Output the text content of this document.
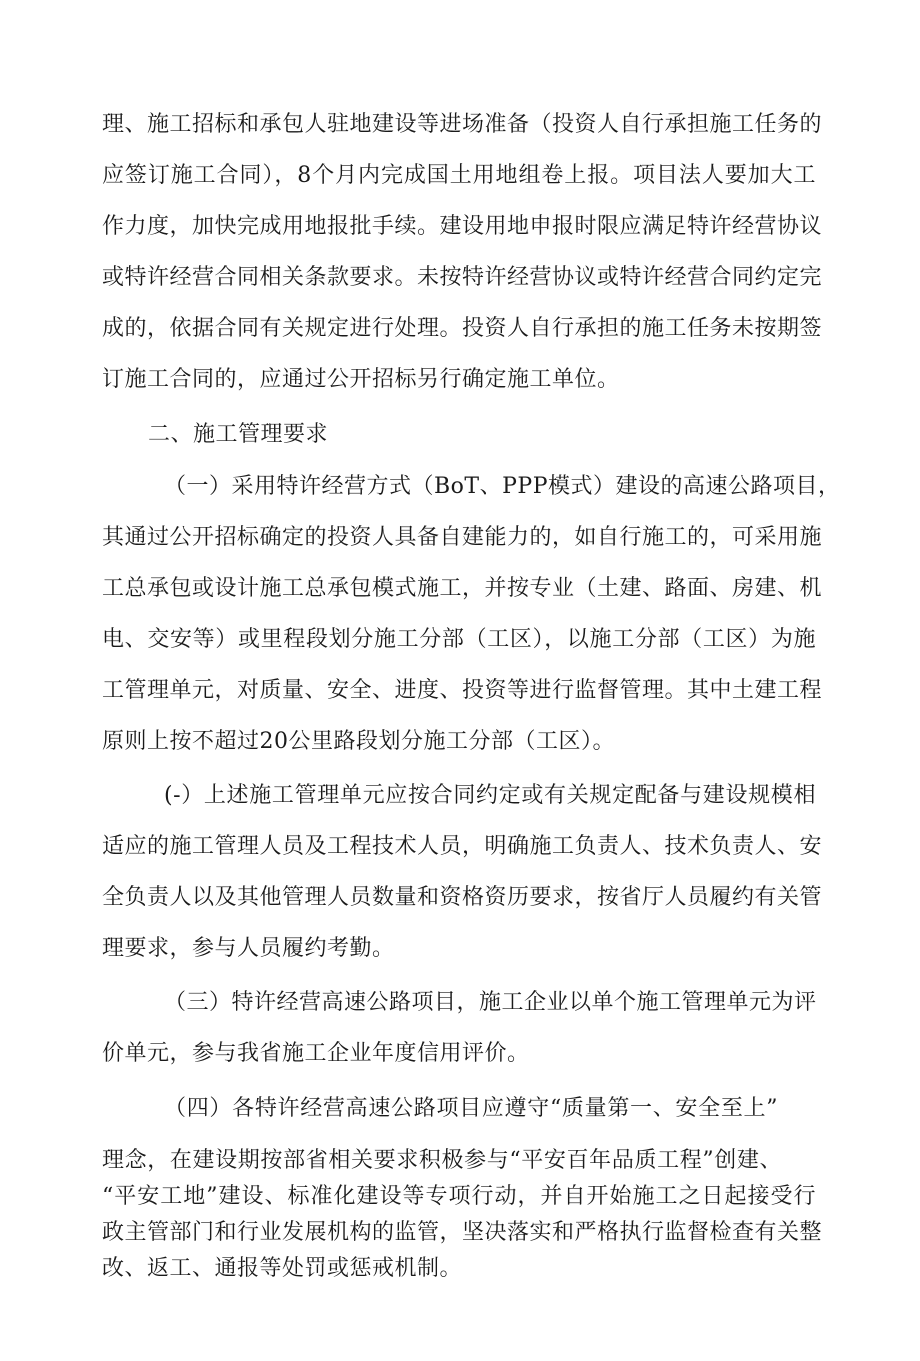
理、施工招标和承包人驻地建设等进场准备（投资人自行承担施工任务的
应签订施工合同），8个月内完成国土用地组卷上报。项目法人要加大工
作力度，加快完成用地报批手续。建设用地申报时限应满足特许经营协议
或特许经营合同相关条款要求。未按特许经营协议或特许经营合同约定完
成的，依据合同有关规定进行处理。投资人自行承担的施工任务未按期签
订施工合同的，应通过公开招标另行确定施工单位。
二、施工管理要求
（一）采用特许经营方式（BoT、PPP模式）建设的高速公路项目，
其通过公开招标确定的投资人具备自建能力的，如自行施工的，可采用施
工总承包或设计施工总承包模式施工，并按专业（土建、路面、房建、机
电、交安等）或里程段划分施工分部（工区），以施工分部（工区）为施
工管理单元，对质量、安全、进度、投资等进行监督管理。其中土建工程
原则上按不超过20公里路段划分施工分部（工区）。
(-）上述施工管理单元应按合同约定或有关规定配备与建设规模相
适应的施工管理人员及工程技术人员，明确施工负责人、技术负责人、安
全负责人以及其他管理人员数量和资格资历要求，按省厅人员履约有关管
理要求，参与人员履约考勤。
（三）特许经营高速公路项目，施工企业以单个施工管理单元为评
价单元，参与我省施工企业年度信用评价。
（四）各特许经营高速公路项目应遵守“质量第一、安全至上”
理念，在建设期按部省相关要求积极参与“平安百年品质工程”创建、
“平安工地”建设、标准化建设等专项行动，并自开始施工之日起接受行
政主管部门和行业发展机构的监管，坚决落实和严格执行监督检查有关整
改、返工、通报等处罚或惩戒机制。
